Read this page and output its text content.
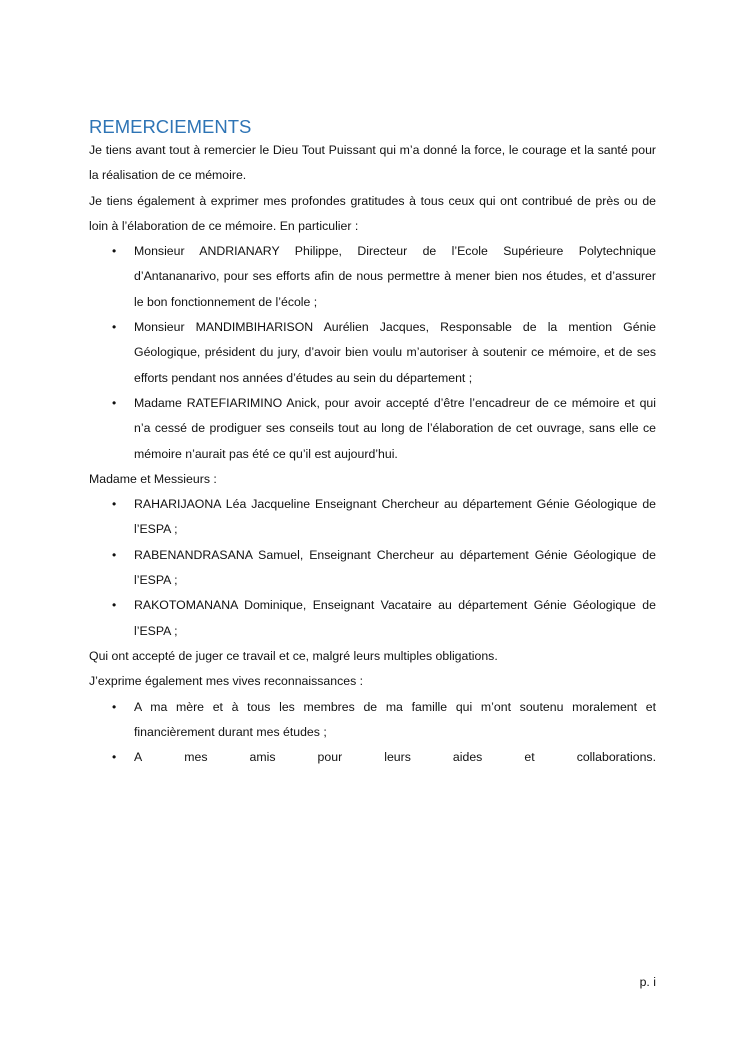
REMERCIEMENTS

Je tiens avant tout à remercier le Dieu Tout Puissant qui m’a donné la force, le courage et la santé pour la réalisation de ce mémoire.

Je tiens également à exprimer mes profondes gratitudes à tous ceux qui ont contribué de près ou de loin à l’élaboration de ce mémoire. En particulier :

• Monsieur ANDRIANARY Philippe, Directeur de l’Ecole Supérieure Polytechnique d’Antananarivo, pour ses efforts afin de nous permettre à mener bien nos études, et d’assurer le bon fonctionnement de l’école ;
• Monsieur MANDIMBIHARISON Aurélien Jacques, Responsable de la mention Génie Géologique, président du jury, d’avoir bien voulu m’autoriser à soutenir ce mémoire, et de ses efforts pendant nos années d’études au sein du département ;
• Madame RATEFIARIMINO Anick, pour avoir accepté d’être l’encadreur de ce mémoire et qui n’a cessé de prodiguer ses conseils tout au long de l’élaboration de cet ouvrage, sans elle ce mémoire n’aurait pas été ce qu’il est aujourd’hui.

Madame et Messieurs :

• RAHARIJAONA Léa Jacqueline Enseignant Chercheur au département Génie Géologique de l’ESPA ;
• RABENANDRASANA Samuel, Enseignant Chercheur au département Génie Géologique de l’ESPA ;
• RAKOTOMANANA Dominique, Enseignant Vacataire au département Génie Géologique de l’ESPA ;

Qui ont accepté de juger ce travail et ce, malgré leurs multiples obligations.

J’exprime également mes vives reconnaissances :

• A ma mère et à tous les membres de ma famille qui m’ont soutenu moralement et financièrement durant mes études ;
• A	mes	amis	pour	leurs	aides	et	collaborations.
p. i
